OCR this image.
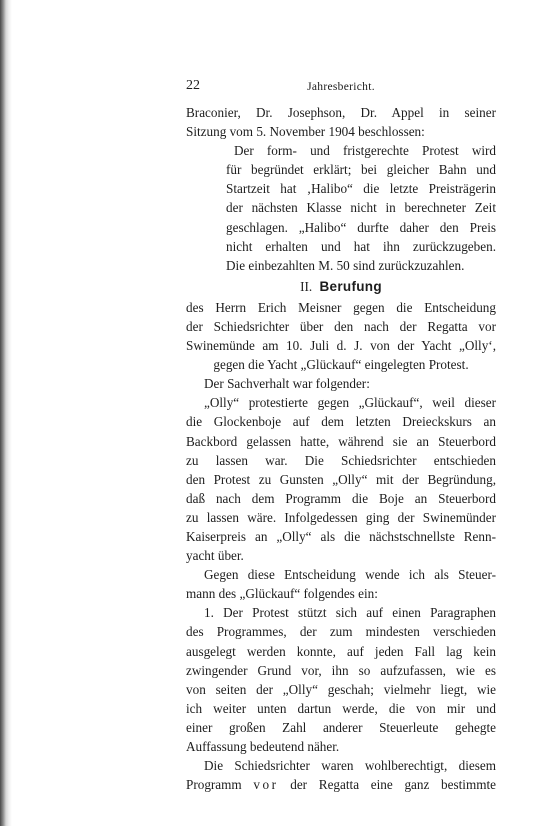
22	Jahresbericht.
Braconier, Dr. Josephson, Dr. Appel in seiner
Sitzung vom 5. November 1904 beschlossen:
Der form- und fristgerechte Protest wird
für begründet erklärt; bei gleicher Bahn und
Startzeit hat ‚Halibo“ die letzte Preisträgerin
der nächsten Klasse nicht in berechneter Zeit
geschlagen. „Halibo“ durfte daher den Preis
nicht erhalten und hat ihn zurückzugeben.
Die einbezahlten M. 50 sind zurückzuzahlen.
II. Berufung
des Herrn Erich Meisner gegen die Entscheidung
der Schiedsrichter über den nach der Regatta vor
Swinemünde am 10. Juli d. J. von der Yacht „Olly‘,
gegen die Yacht „Glückauf“ eingelegten Protest.
Der Sachverhalt war folgender:
„Olly“ protestierte gegen „Glückauf“, weil dieser
die Glockenboje auf dem letzten Dreieckskurs an
Backbord gelassen hatte, während sie an Steuerbord
zu lassen war. Die Schiedsrichter entschieden
den Protest zu Gunsten „Olly“ mit der Begründung,
daß nach dem Programm die Boje an Steuerbord
zu lassen wäre. Infolgedessen ging der Swinemünder
Kaiserpreis an „Olly“ als die nächstschnellste Renn-
yacht über.
Gegen diese Entscheidung wende ich als Steuer-
mann des „Glückauf“ folgendes ein:
1. Der Protest stützt sich auf einen Paragraphen
des Programmes, der zum mindesten verschieden
ausgelegt werden konnte, auf jeden Fall lag kein
zwingender Grund vor, ihn so aufzufassen, wie es
von seiten der „Olly“ geschah; vielmehr liegt, wie
ich weiter unten dartun werde, die von mir und
einer großen Zahl anderer Steuerleute gehegte
Auffassung bedeutend näher.
Die Schiedsrichter waren wohlberechtigt, diesem
Programm vor der Regatta eine ganz bestimmte
